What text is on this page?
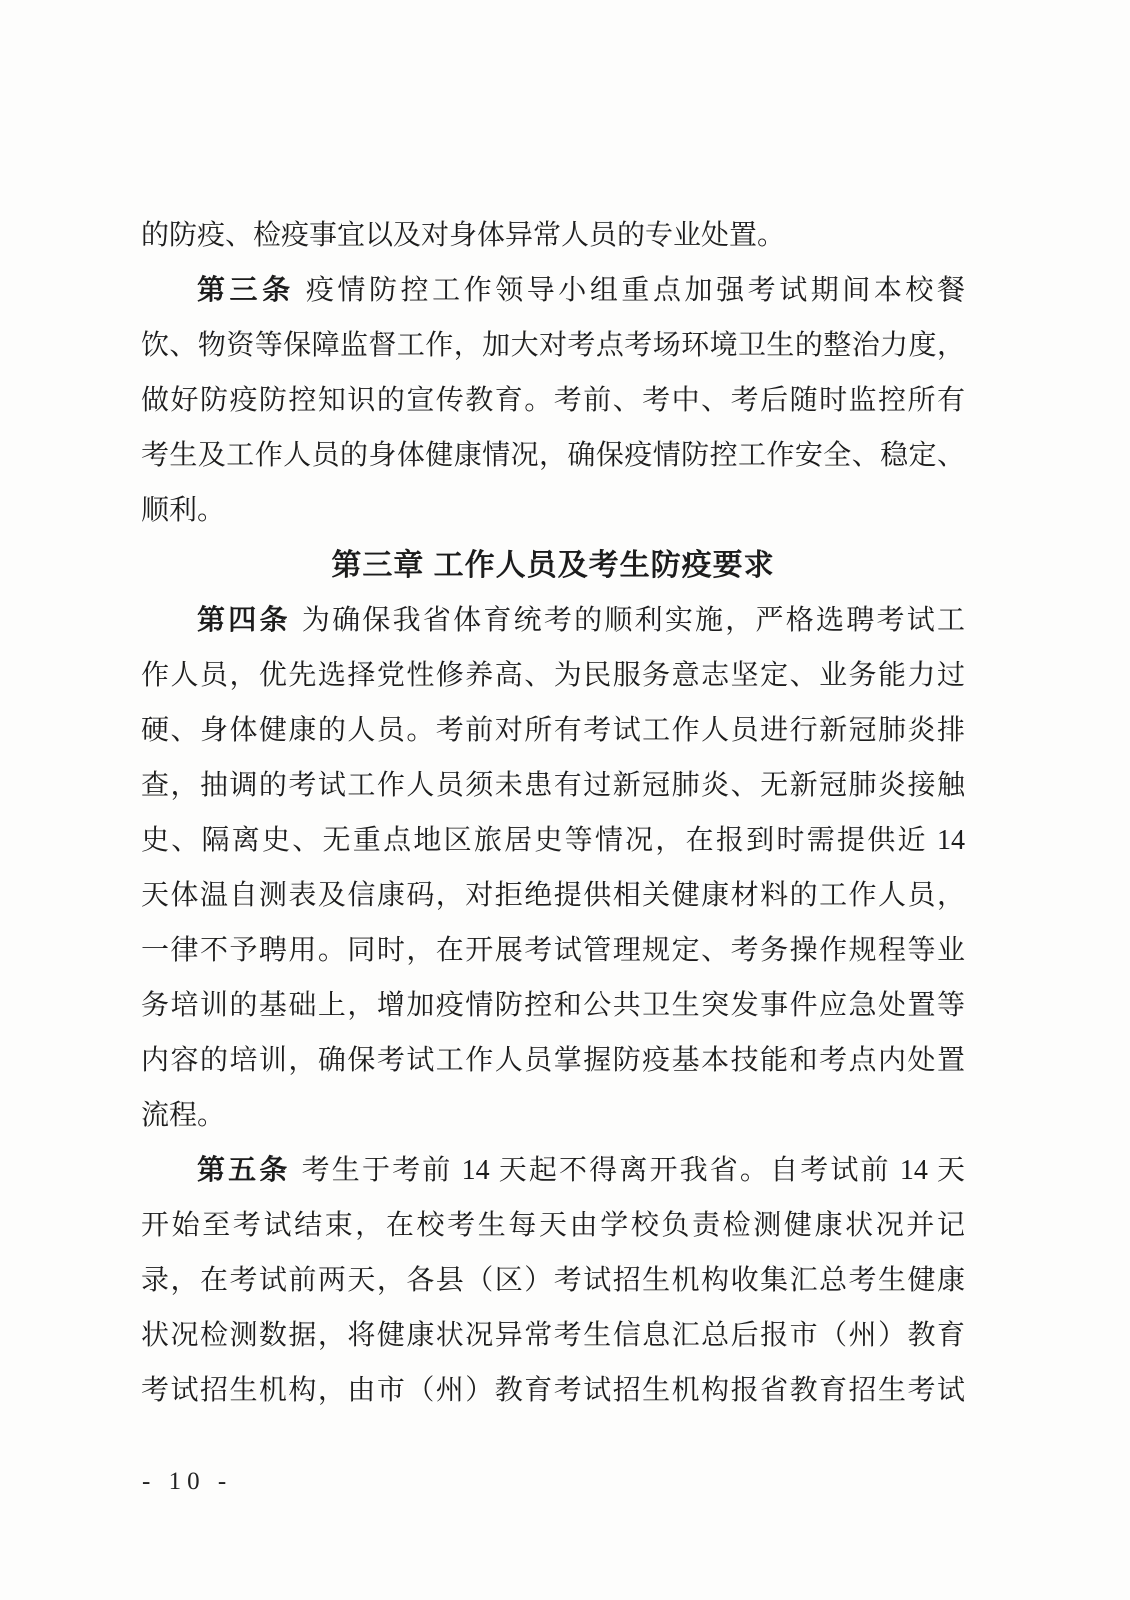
的防疫、检疫事宜以及对身体异常人员的专业处置。
第三条 疫情防控工作领导小组重点加强考试期间本校餐
饮、物资等保障监督工作，加大对考点考场环境卫生的整治力度，
做好防疫防控知识的宣传教育。考前、考中、考后随时监控所有
考生及工作人员的身体健康情况，确保疫情防控工作安全、稳定、
顺利。
第三章 工作人员及考生防疫要求
第四条 为确保我省体育统考的顺利实施，严格选聘考试工
作人员，优先选择党性修养高、为民服务意志坚定、业务能力过
硬、身体健康的人员。考前对所有考试工作人员进行新冠肺炎排
查，抽调的考试工作人员须未患有过新冠肺炎、无新冠肺炎接触
史、隔离史、无重点地区旅居史等情况，在报到时需提供近 14
天体温自测表及信康码，对拒绝提供相关健康材料的工作人员，
一律不予聘用。同时，在开展考试管理规定、考务操作规程等业
务培训的基础上，增加疫情防控和公共卫生突发事件应急处置等
内容的培训，确保考试工作人员掌握防疫基本技能和考点内处置
流程。
第五条 考生于考前 14 天起不得离开我省。自考试前 14 天
开始至考试结束，在校考生每天由学校负责检测健康状况并记
录，在考试前两天，各县（区）考试招生机构收集汇总考生健康
状况检测数据，将健康状况异常考生信息汇总后报市（州）教育
考试招生机构，由市（州）教育考试招生机构报省教育招生考试
- 10 -
